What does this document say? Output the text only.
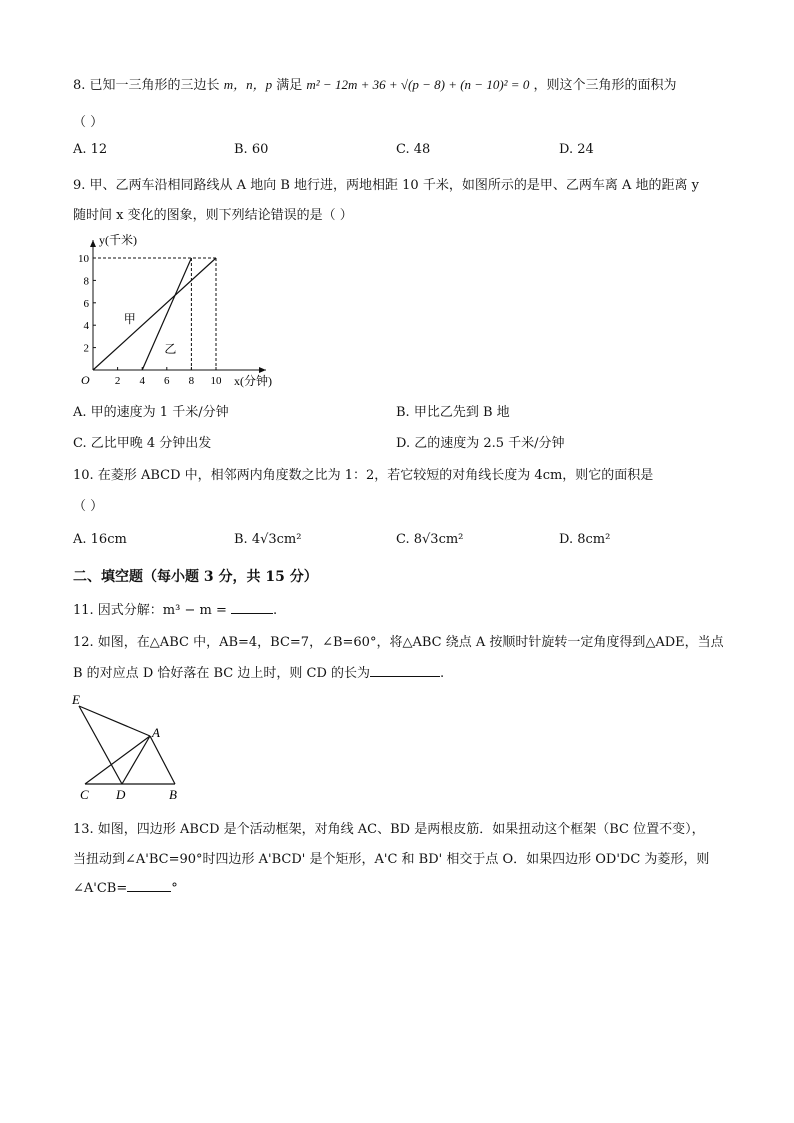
8. 已知一三角形的三边长 m，n，p 满足 m² − 12m + 36 + √(p − 8) + (n − 10)² = 0 ，则这个三角形的面积为
（ ）
A. 12	B. 60	C. 48	D. 24
9. 甲、乙两车沿相同路线从 A 地向 B 地行进，两地相距 10 千米，如图所示的是甲、乙两车离 A 地的距离 y
随时间 x 变化的图象，则下列结论错误的是（ ）
y(千米)
x(分钟)
O 2 4 6 8 10
2
4
6
8
10
甲
乙
A. 甲的速度为 1 千米/分钟	B. 甲比乙先到 B 地
C. 乙比甲晚 4 分钟出发	D. 乙的速度为 2.5 千米/分钟
10. 在菱形 ABCD 中，相邻两内角度数之比为 1：2，若它较短的对角线长度为 4cm，则它的面积是
（ ）
A. 16cm	B. 4√3cm²	C. 8√3cm²	D. 8cm²
二、填空题（每小题 3 分，共 15 分）
11. 因式分解：m³ − m =	.
12. 如图，在△ABC 中，AB=4，BC=7，∠B=60°，将△ABC 绕点 A 按顺时针旋转一定角度得到△ADE，当点
B 的对应点 D 恰好落在 BC 边上时，则 CD 的长为	.
E
A
C D	B
13. 如图，四边形 ABCD 是个活动框架，对角线 AC、BD 是两根皮筋．如果扭动这个框架（BC 位置不变），
当扭动到∠A'BC=90°时四边形 A'BCD' 是个矩形，A'C 和 BD' 相交于点 O．如果四边形 OD'DC 为菱形，则
∠A'CB=	°
